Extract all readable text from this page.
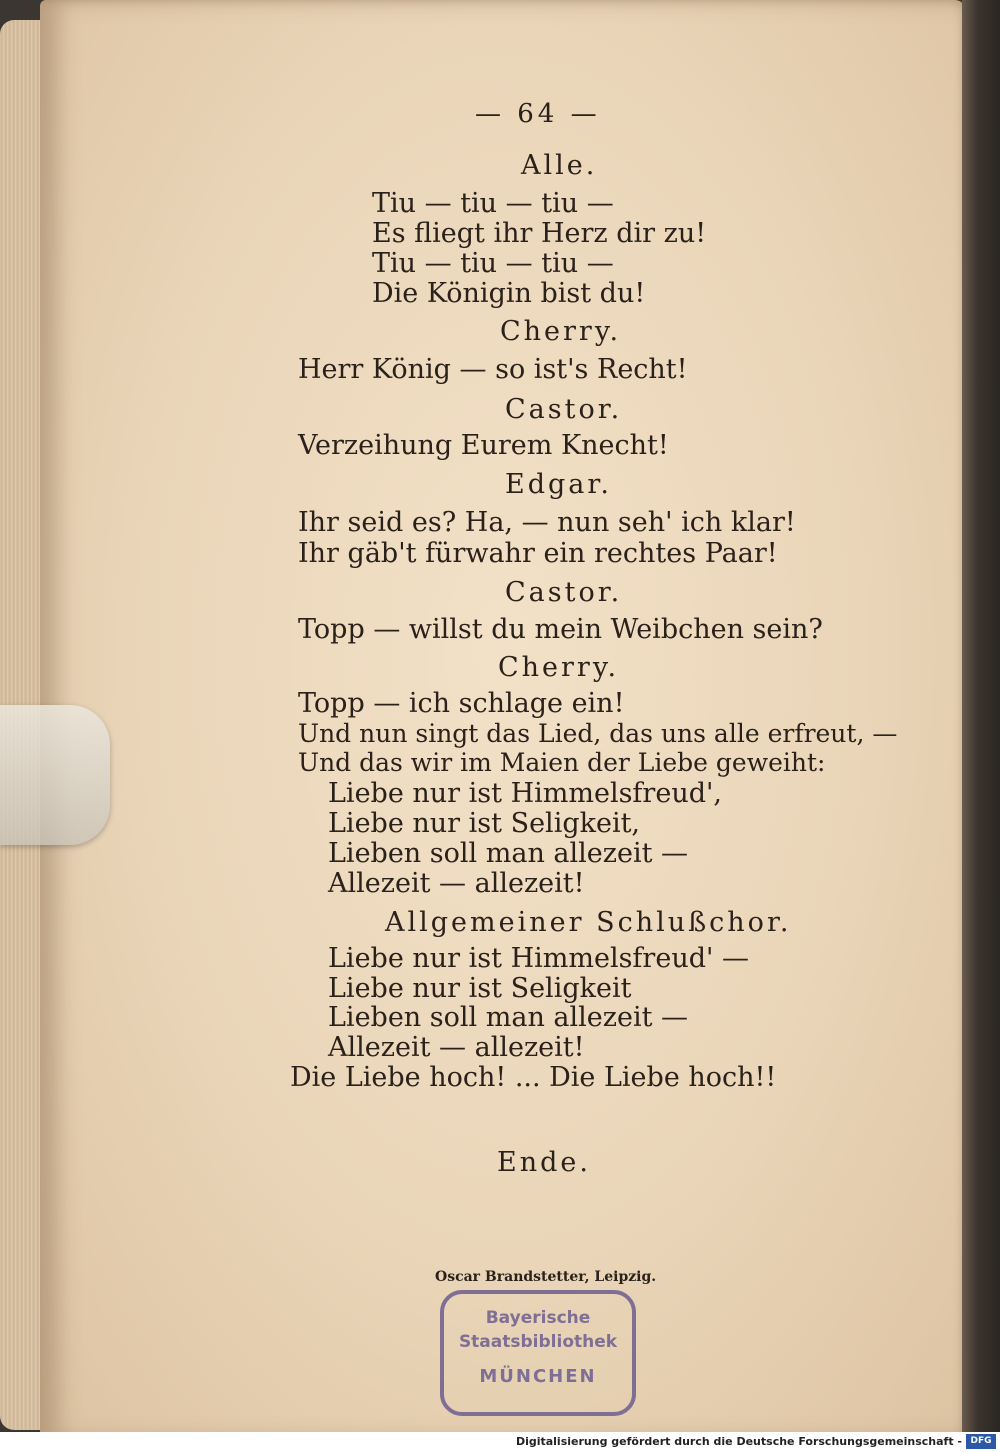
— 64 —
Alle.
Tiu — tiu — tiu —
Es fliegt ihr Herz dir zu!
Tiu — tiu — tiu —
Die Königin bist du!
Cherry.
Herr König — so ist's Recht!
Castor.
Verzeihung Eurem Knecht!
Edgar.
Ihr seid es? Ha, — nun seh' ich klar!
Ihr gäb't fürwahr ein rechtes Paar!
Castor.
Topp — willst du mein Weibchen sein?
Cherry.
Topp — ich schlage ein!
Und nun singt das Lied, das uns alle erfreut, —
Und das wir im Maien der Liebe geweiht:
Liebe nur ist Himmelsfreud',
Liebe nur ist Seligkeit,
Lieben soll man allezeit —
Allezeit — allezeit!
Allgemeiner Schlußchor.
Liebe nur ist Himmelsfreud' —
Liebe nur ist Seligkeit
Lieben soll man allezeit —
Allezeit — allezeit!
Die Liebe hoch! ... Die Liebe hoch!!
Ende.
Oscar Brandstetter, Leipzig.
Bayerische
Staatsbibliothek
MÜNCHEN
Digitalisierung gefördert durch die Deutsche Forschungsgemeinschaft - DFG
